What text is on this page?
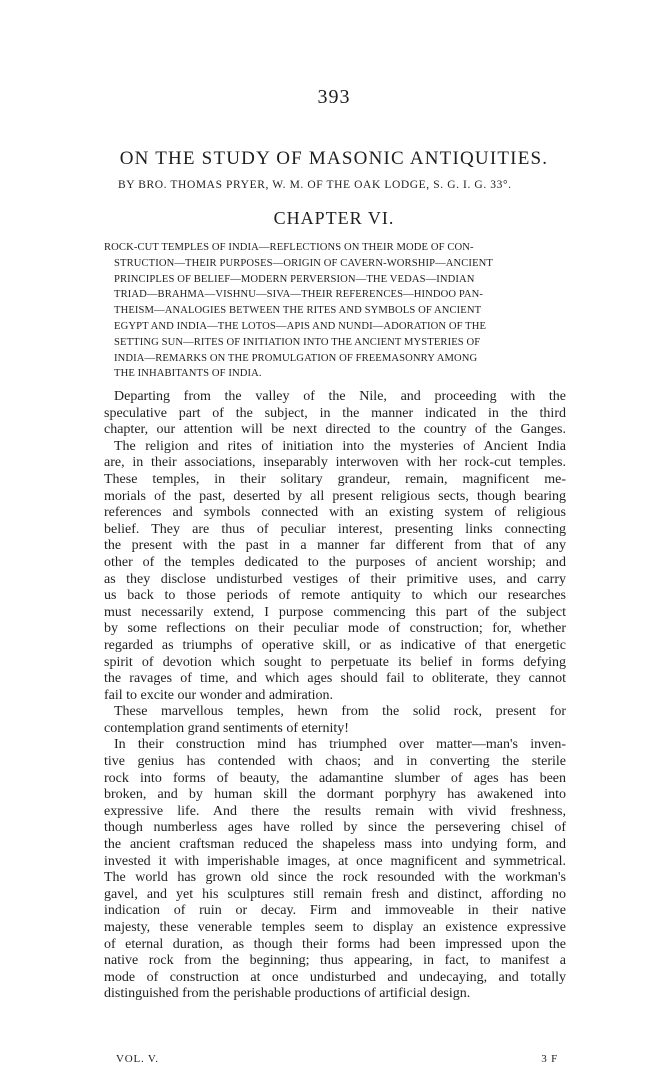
393
ON THE STUDY OF MASONIC ANTIQUITIES.
BY BRO. THOMAS PRYER, W. M. OF THE OAK LODGE, S. G. I. G. 33°.
CHAPTER VI.
ROCK-CUT TEMPLES OF INDIA—REFLECTIONS ON THEIR MODE OF CON-
STRUCTION—THEIR PURPOSES—ORIGIN OF CAVERN-WORSHIP—ANCIENT
PRINCIPLES OF BELIEF—MODERN PERVERSION—THE VEDAS—INDIAN
TRIAD—BRAHMA—VISHNU—SIVA—THEIR REFERENCES—HINDOO PAN-
THEISM—ANALOGIES BETWEEN THE RITES AND SYMBOLS OF ANCIENT
EGYPT AND INDIA—THE LOTOS—APIS AND NUNDI—ADORATION OF THE
SETTING SUN—RITES OF INITIATION INTO THE ANCIENT MYSTERIES OF
INDIA—REMARKS ON THE PROMULGATION OF FREEMASONRY AMONG
THE INHABITANTS OF INDIA.
Departing from the valley of the Nile, and proceeding with the
speculative part of the subject, in the manner indicated in the third
chapter, our attention will be next directed to the country of the Ganges.
The religion and rites of initiation into the mysteries of Ancient India
are, in their associations, inseparably interwoven with her rock-cut temples.
These temples, in their solitary grandeur, remain, magnificent me-
morials of the past, deserted by all present religious sects, though bearing
references and symbols connected with an existing system of religious
belief. They are thus of peculiar interest, presenting links connecting
the present with the past in a manner far different from that of any
other of the temples dedicated to the purposes of ancient worship; and
as they disclose undisturbed vestiges of their primitive uses, and carry
us back to those periods of remote antiquity to which our researches
must necessarily extend, I purpose commencing this part of the subject
by some reflections on their peculiar mode of construction; for, whether
regarded as triumphs of operative skill, or as indicative of that energetic
spirit of devotion which sought to perpetuate its belief in forms defying
the ravages of time, and which ages should fail to obliterate, they cannot
fail to excite our wonder and admiration.
These marvellous temples, hewn from the solid rock, present for
contemplation grand sentiments of eternity!
In their construction mind has triumphed over matter—man's inven-
tive genius has contended with chaos; and in converting the sterile
rock into forms of beauty, the adamantine slumber of ages has been
broken, and by human skill the dormant porphyry has awakened into
expressive life. And there the results remain with vivid freshness,
though numberless ages have rolled by since the persevering chisel of
the ancient craftsman reduced the shapeless mass into undying form, and
invested it with imperishable images, at once magnificent and symmetrical.
The world has grown old since the rock resounded with the workman's
gavel, and yet his sculptures still remain fresh and distinct, affording no
indication of ruin or decay. Firm and immoveable in their native
majesty, these venerable temples seem to display an existence expressive
of eternal duration, as though their forms had been impressed upon the
native rock from the beginning; thus appearing, in fact, to manifest a
mode of construction at once undisturbed and undecaying, and totally
distinguished from the perishable productions of artificial design.
VOL. V.	3 F
